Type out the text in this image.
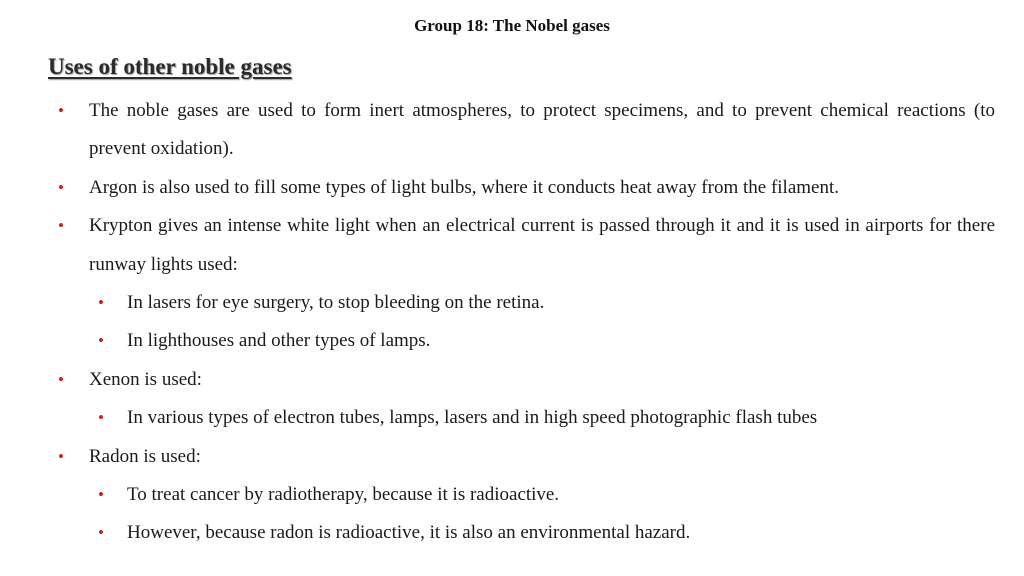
Group 18: The Nobel gases
Uses of other noble gases
• The noble gases are used to form inert atmospheres, to protect specimens, and to prevent chemical reactions (to prevent oxidation).
• Argon is also used to fill some types of light bulbs, where it conducts heat away from the filament.
• Krypton gives an intense white light when an electrical current is passed through it and it is used in airports for there runway lights used:
• In lasers for eye surgery, to stop bleeding on the retina.
• In lighthouses and other types of lamps.
• Xenon is used:
• In various types of electron tubes, lamps, lasers and in high speed photographic flash tubes
• Radon is used:
• To treat cancer by radiotherapy, because it is radioactive.
• However, because radon is radioactive, it is also an environmental hazard.
